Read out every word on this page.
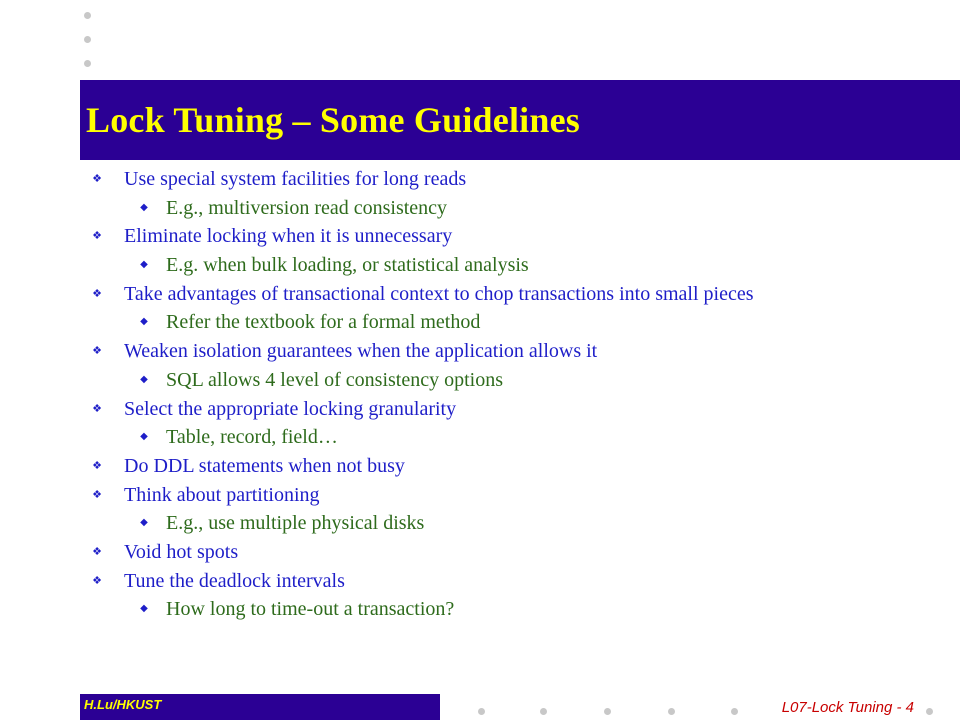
Lock Tuning – Some Guidelines
❖ Use special system facilities for long reads
◆ E.g., multiversion read consistency
❖ Eliminate locking when it is unnecessary
◆ E.g. when bulk loading, or statistical analysis
❖ Take advantages of transactional context to chop transactions into small pieces
◆ Refer the textbook for a formal method
❖ Weaken isolation guarantees when the application allows it
◆ SQL allows 4 level of consistency options
❖ Select the appropriate locking granularity
◆ Table, record, field…
❖ Do DDL statements when not busy
❖ Think about partitioning
◆ E.g., use multiple physical disks
❖ Void hot spots
❖ Tune the deadlock intervals
◆ How long to time-out a transaction?
H.Lu/HKUST	L07-Lock Tuning - 4
